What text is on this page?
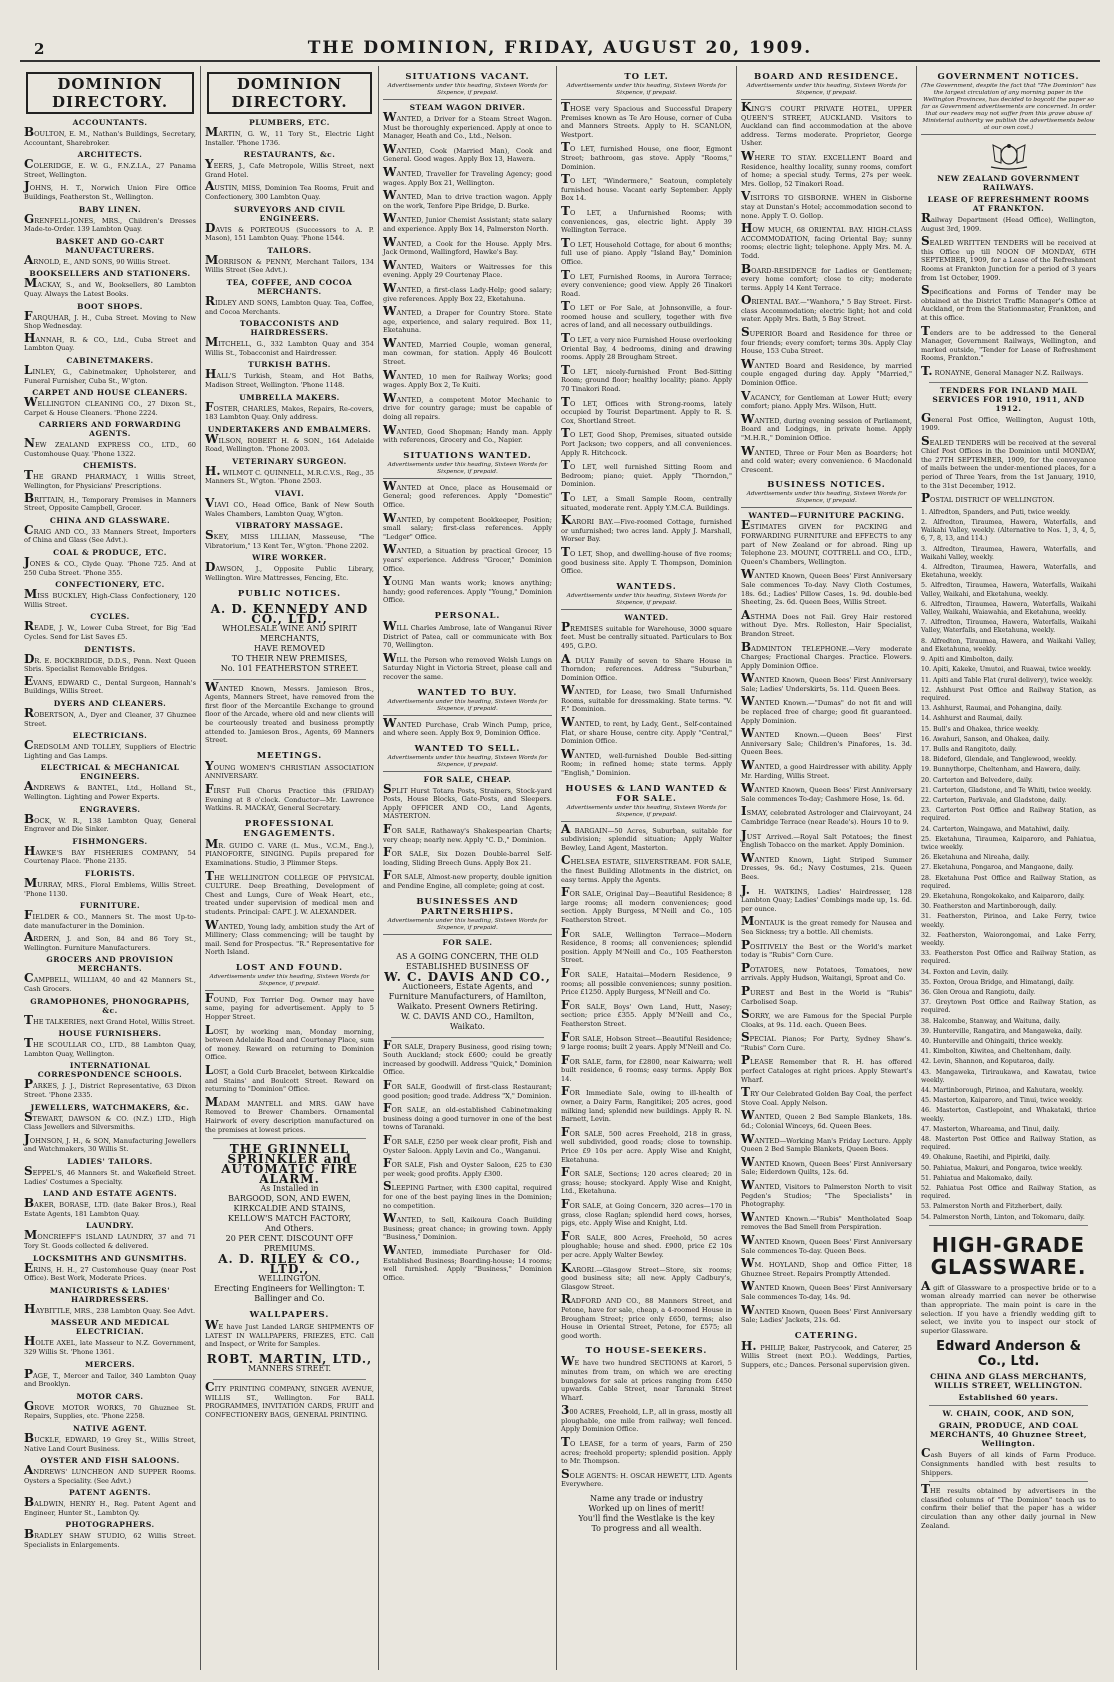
2	THE DOMINION, FRIDAY, AUGUST 20, 1909.
DOMINION DIRECTORY.
ACCOUNTANTS.

BOULTON, E. M., Nathan's Buildings, Secretary, Accountant, Sharebroker.

ARCHITECTS.

COLERIDGE, E. W. G., F.N.Z.I.A., 27 Panama Street, Wellington.

JOHNS, H. T., Norwich Union Fire Office Buildings, Featherston St., Wellington.

BABY LINEN.

GRENFELL-JONES, MRS., Children's Dresses Made-to-Order. 139 Lambton Quay.

BASKET AND GO-CART MANUFACTURERS.

ARNOLD, E., AND SONS, 90 Willis Street.

BOOKSELLERS AND STATIONERS.

MACKAY, S., and W., Booksellers, 80 Lambton Quay. Always the Latest Books.

BOOT SHOPS.

FARQUHAR, J. H., Cuba Street. Moving to New Shop Wednesday.

HANNAH, R. & CO., Ltd., Cuba Street and Lambton Quay.

CABINETMAKERS.

LINLEY, G., Cabinetmaker, Upholsterer, and Funeral Furnisher, Cuba St., W'gton.

CARPET AND HOUSE CLEANERS.

WELLINGTON CLEANING CO., 27 Dixon St., Carpet & House Cleaners. 'Phone 2224.

CARRIERS AND FORWARDING AGENTS.

NEW ZEALAND EXPRESS CO., LTD., 60 Customhouse Quay. 'Phone 1322.

CHEMISTS.

THE GRAND PHARMACY, 1 Willis Street, Wellington, for Physicians' Prescriptions.

BRITTAIN, H., Temporary Premises in Manners Street, Opposite Campbell, Grocer.

CHINA AND GLASSWARE.

CRAIG AND CO., 33 Manners Street, Importers of China and Glass (See Advt.).

COAL & PRODUCE, ETC.

JONES & CO., Clyde Quay. 'Phone 725. And at 250 Cuba Street. 'Phone 355.

CONFECTIONERY, ETC.

MISS BUCKLEY, High-Class Confectionery, 120 Willis Street.

CYCLES.

READE, J. W., Lower Cuba Street, for Big 'Ead Cycles. Send for List Saves £5.

DENTISTS.

DR. E. BOCKBRIDGE, D.D.S., Penn. Next Queen Sbris. Specialist Removable Bridges.

EVANS, EDWARD C., Dental Surgeon, Hannah's Buildings, Willis Street.

DYERS AND CLEANERS.

ROBERTSON, A., Dyer and Cleaner, 37 Ghuznee Street.

ELECTRICIANS.

CREDSOLM AND TOLLEY, Suppliers of Electric Lighting and Gas Lamps.

ELECTRICAL & MECHANICAL ENGINEERS.

ANDREWS & BANTEL, Ltd., Holland St., Wellington. Lighting and Power Experts.

ENGRAVERS.

BOCK, W. R., 138 Lambton Quay, General Engraver and Die Sinker.

FISHMONGERS.

HAWKE'S BAY FISHERIES COMPANY, 54 Courtenay Place. 'Phone 2135.

FLORISTS.

MURRAY, MRS., Floral Emblems, Willis Street. 'Phone 1130.

FURNITURE.

FIELDER & CO., Manners St. The most Up-to-date manufacturer in the Dominion.

ARDERN, J. and Son, 84 and 86 Tory St., Wellington. Furniture Manufacturers.

GROCERS AND PROVISION MERCHANTS.

CAMPBELL, WILLIAM, 40 and 42 Manners St., Cash Grocers.

GRAMOPHONES, PHONOGRAPHS, &c.

THE TALKERIES, next Grand Hotel, Willis Street.

HOUSE FURNISHERS.

THE SCOULLAR CO., LTD., 88 Lambton Quay, Lambton Quay, Wellington.

INTERNATIONAL CORRESPONDENCE SCHOOLS.

PARKES, J. J., District Representative, 63 Dixon Street. 'Phone 2335.

JEWELLERS, WATCHMAKERS, &c.

STEWART, DAWSON & CO. (N.Z.) LTD., High Class Jewellers and Silversmiths.

JOHNSON, J. H., & SON, Manufacturing Jewellers and Watchmakers, 30 Willis St.

LADIES' TAILORS.

SEPPEL'S, 46 Manners St. and Wakefield Street. Ladies' Costumes a Specialty.

LAND AND ESTATE AGENTS.

BAKER, BORASE, LTD. (late Baker Bros.), Real Estate Agents, 181 Lambton Quay.

LAUNDRY.

MONCRIEFF'S ISLAND LAUNDRY, 37 and 71 Tory St. Goods collected & delivered.

LOCKSMITHS AND GUNSMITHS.

ERINS, H. H., 27 Customhouse Quay (near Post Office). Best Work, Moderate Prices.

MANICURISTS & LADIES' HAIRDRESSERS.

HAYBITTLE, MRS., 238 Lambton Quay. See Advt.

MASSEUR AND MEDICAL ELECTRICIAN.

HOLTE AXEL, late Masseur to N.Z. Government, 329 Willis St. 'Phone 1361.

MERCERS.

PAGE, T., Mercer and Tailor, 340 Lambton Quay and Brooklyn.

MOTOR CARS.

GROVE MOTOR WORKS, 70 Ghuznee St. Repairs, Supplies, etc. 'Phone 2258.

NATIVE AGENT.

BUCKLE, EDWARD, 19 Grey St., Willis Street, Native Land Court Business.

OYSTER AND FISH SALOONS.

ANDREWS' LUNCHEON AND SUPPER Rooms. Oysters a Speciality. (See Advt.)

PATENT AGENTS.

BALDWIN, HENRY H., Reg. Patent Agent and Engineer, Hunter St., Lambton Qy.

PHOTOGRAPHERS.

BRADLEY SHAW STUDIO, 62 Willis Street. Specialists in Enlargements.

DOMINION DIRECTORY.
PLUMBERS, ETC.

MARTIN, G. W., 11 Tory St., Electric Light Installer. 'Phone 1736.

RESTAURANTS, &c.

YEERS, J., Cafe Metropole, Willis Street, next Grand Hotel.

AUSTIN, MISS, Dominion Tea Rooms, Fruit and Confectionery, 300 Lambton Quay.

SURVEYORS AND CIVIL ENGINEERS.

DAVIS & PORTEOUS (Successors to A. P. Mason), 151 Lambton Quay. 'Phone 1544.

TAILORS.

MORRISON & PENNY, Merchant Tailors, 134 Willis Street (See Advt.).

TEA, COFFEE, AND COCOA MERCHANTS.

RIDLEY AND SONS, Lambton Quay. Tea, Coffee, and Cocoa Merchants.

TOBACCONISTS AND HAIRDRESSERS.

MITCHELL, G., 332 Lambton Quay and 354 Willis St., Tobacconist and Hairdresser.

TURKISH BATHS.

HALL'S Turkish, Steam, and Hot Baths, Madison Street, Wellington. 'Phone 1148.

UMBRELLA MAKERS.

FOSTER, CHARLES, Makes, Repairs, Re-covers, 183 Lambton Quay. Only address.

UNDERTAKERS AND EMBALMERS.

WILSON, ROBERT H. & SON., 164 Adelaide Road, Wellington. 'Phone 2003.

VETERINARY SURGEON.

H. WILMOT C. QUINNELL, M.R.C.V.S., Reg., 35 Manners St., W'gton. 'Phone 2503.

VIAVI.

VIAVI CO., Head Office, Bank of New South Wales Chambers, Lambton Quay, W'gton.

VIBRATORY MASSAGE.

SKEY, MISS LILLIAN, Masseuse, "The Vibratorium," 13 Kent Ter., W'gton. 'Phone 2202.

WIRE WORKER.

DAWSON, J., Opposite Public Library, Wellington. Wire Mattresses, Fencing, Etc.

PUBLIC NOTICES.
A. D. KENNEDY AND CO., LTD.,
WHOLESALE WINE AND SPIRIT MERCHANTS,
HAVE REMOVED
TO THEIR NEW PREMISES,
No. 101 FEATHERSTON STREET.

WANTED Known, Messrs. Jamieson Bros., Agents, Manners Street, have removed from the first floor of the Mercantile Exchange to ground floor of the Arcade, where old and new clients will be courteously treated and business promptly attended to. Jamieson Bros., Agents, 69 Manners Street.

MEETINGS.

YOUNG WOMEN'S CHRISTIAN ASSOCIATION ANNIVERSARY.

FIRST Full Chorus Practice this (FRIDAY) Evening at 8 o'clock. Conductor—Mr. Lawrence Watkins. R. MACKAY, General Secretary.

PROFESSIONAL ENGAGEMENTS.

MR. GUIDO C. VARE (L. Mus., V.C.M., Eng.), PIANOFORTE, SINGING. Pupils prepared for Examinations. Studio, 3 Plimmer Steps.

THE WELLINGTON COLLEGE OF PHYSICAL CULTURE. Deep Breathing, Development of Chest and Lungs, Cure of Weak Heart, etc., treated under supervision of medical men and students. Principal: CAPT. J. W. ALEXANDER.

WANTED, Young lady, ambition study the Art of Millinery; Class commencing; will be taught by mail. Send for Prospectus. "R." Representative for North Island.

LOST AND FOUND.
Advertisements under this heading, Sixteen Words for Sixpence, if prepaid.

FOUND, Fox Terrier Dog. Owner may have same, paying for advertisement. Apply to 5 Hopper Street.

LOST, by working man, Monday morning, between Adelaide Road and Courtenay Place, sum of money. Reward on returning to Dominion Office.

LOST, a Gold Curb Bracelet, between Kirkcaldie and Stains' and Boulcott Street. Reward on returning to "Dominion" Office.

MADAM MANTELL and MRS. GAW have Removed to Brewer Chambers. Ornamental Hairwork of every description manufactured on the premises at lowest prices.

THE GRINNELL SPRINKLER and AUTOMATIC FIRE ALARM.
As Installed in
BARGOOD, SON, AND EWEN,
KIRKCALDIE AND STAINS,
KELLOW'S MATCH FACTORY,
And Others.
20 PER CENT. DISCOUNT OFF PREMIUMS.
A. D. RILEY & CO., LTD.,
WELLINGTON.
Erecting Engineers for Wellington: T. Ballinger and Co.
WALLPAPERS.

WE have Just Landed LARGE SHIPMENTS OF LATEST IN WALLPAPERS, FRIEZES, ETC. Call and Inspect, or Write for Samples.

ROBT. MARTIN, LTD.,
MANNERS STREET.

CITY PRINTING COMPANY, SINGER AVENUE, WILLIS ST., Wellington. For BALL PROGRAMMES, INVITATION CARDS, FRUIT and CONFECTIONERY BAGS, GENERAL PRINTING.

SITUATIONS VACANT.
Advertisements under this heading, Sixteen Words for Sixpence, if prepaid.
STEAM WAGON DRIVER.

WANTED, a Driver for a Steam Street Wagon. Must be thoroughly experienced. Apply at once to Manager, Heath and Co., Ltd., Nelson.

WANTED, Cook (Married Man), Cook and General. Good wages. Apply Box 13, Hawera.

WANTED, Traveller for Traveling Agency; good wages. Apply Box 21, Wellington.

WANTED, Man to drive traction wagon. Apply on the work, Tenfore Pipe Bridge, D. Burke.

WANTED, Junior Chemist Assistant; state salary and experience. Apply Box 14, Palmerston North.

WANTED, a Cook for the House. Apply Mrs. Jack Ormond, Wallingford, Hawke's Bay.

WANTED, Waiters or Waitresses for this evening. Apply 29 Courtenay Place.

WANTED, a first-class Lady-Help; good salary; give references. Apply Box 22, Eketahuna.

WANTED, a Draper for Country Store. State age, experience, and salary required. Box 11, Eketahuna.

WANTED, Married Couple, woman general, man cowman, for station. Apply 46 Boulcott Street.

WANTED, 10 men for Railway Works; good wages. Apply Box 2, Te Kuiti.

WANTED, a competent Motor Mechanic to drive for country garage; must be capable of doing all repairs.

WANTED, Good Shopman; Handy man. Apply with references, Grocery and Co., Napier.

SITUATIONS WANTED.
Advertisements under this heading, Sixteen Words for Sixpence, if prepaid.

WANTED at Once, place as Housemaid or General; good references. Apply "Domestic" Office.

WANTED, by competent Bookkeeper, Position; small salary; first-class references. Apply "Ledger" Office.

WANTED, a Situation by practical Grocer, 15 years' experience. Address "Grocer," Dominion Office.

YOUNG Man wants work; knows anything; handy; good references. Apply "Young," Dominion Office.

PERSONAL.

WILL Charles Ambrose, late of Wanganui River District of Patea, call or communicate with Box 70, Wellington.

WILL the Person who removed Welsh Lungs on Saturday Night in Victoria Street, please call and recover the same.

WANTED TO BUY.
Advertisements under this heading, Sixteen Words for Sixpence, if prepaid.

WANTED Purchase, Crab Winch Pump, price, and where seen. Apply Box 9, Dominion Office.

WANTED TO SELL.
Advertisements under this heading, Sixteen Words for Sixpence, if prepaid.
FOR SALE, CHEAP.

SPLIT Hurst Totara Posts, Strainers, Stock-yard Posts, House Blocks, Gate-Posts, and Sleepers. Apply OFFICER AND CO., Land Agents, MASTERTON.

FOR SALE, Rathaway's Shakespearian Charts; very cheap; nearly new. Apply "C. D.," Dominion.

FOR SALE, Six Dozen Double-barrel Self-loading, Sliding Breech Guns. Apply Box 21.

FOR SALE, Almost-new property, double ignition and Pendine Engine, all complete; going at cost.

BUSINESSES AND PARTNERSHIPS.
Advertisements under this heading, Sixteen Words for Sixpence, if prepaid.
FOR SALE.
AS A GOING CONCERN, THE OLD ESTABLISHED BUSINESS OF
W. C. DAVIS AND CO.,
Auctioneers, Estate Agents, and Furniture Manufacturers, of Hamilton, Waikato. Present Owners Retiring.
W. C. DAVIS AND CO., Hamilton, Waikato.

FOR SALE, Drapery Business, good rising town; South Auckland; stock £600; could be greatly increased by goodwill. Address "Quick," Dominion Office.

FOR SALE, Goodwill of first-class Restaurant; good position; good trade. Address "X," Dominion.

FOR SALE, an old-established Cabinetmaking business doing a good turnover in one of the best towns of Taranaki.

FOR SALE, £250 per week clear profit, Fish and Oyster Saloon. Apply Levin and Co., Wanganui.

FOR SALE, Fish and Oyster Saloon, £25 to £30 per week; good profits. Apply £300.

SLEEPING Partner, with £300 capital, required for one of the best paying lines in the Dominion; no competition.

WANTED, to Sell, Kaikoura Coach Building Business; great chance; in growing town. Apply "Business," Dominion.

WANTED, immediate Purchaser for Old-Established Business; Boarding-house; 14 rooms; well furnished. Apply "Business," Dominion Office.

TO LET.
Advertisements under this heading, Sixteen Words for Sixpence, if prepaid.

THOSE very Spacious and Successful Drapery Premises known as Te Aro House, corner of Cuba and Manners Streets. Apply to H. SCANLON, Westport.

TO LET, furnished House, one floor, Egmont Street; bathroom, gas stove. Apply "Rooms," Dominion.

TO LET, "Windermere," Seatoun, completely furnished house. Vacant early September. Apply Box 14.

TO LET, a Unfurnished Rooms; with conveniences, gas, electric light. Apply 39 Wellington Terrace.

TO LET, Household Cottage, for about 6 months; full use of piano. Apply "Island Bay," Dominion Office.

TO LET, Furnished Rooms, in Aurora Terrace; every convenience; good view. Apply 26 Tinakori Road.

TO LET or For Sale, at Johnsonville, a four-roomed house and scullery, together with five acres of land, and all necessary outbuildings.

TO LET, a very nice Furnished House overlooking Oriental Bay, 4 bedrooms, dining and drawing rooms. Apply 28 Brougham Street.

TO LET, nicely-furnished Front Bed-Sitting Room; ground floor; healthy locality; piano. Apply 70 Tinakori Road.

TO LET, Offices with Strong-rooms, lately occupied by Tourist Department. Apply to R. S. Cox, Shortland Street.

TO LET, Good Shop, Premises, situated outside Port Jackson; two coppers, and all conveniences. Apply R. Hitchcock.

TO LET, well furnished Sitting Room and Bedroom; piano; quiet. Apply "Thorndon," Dominion.

TO LET, a Small Sample Room, centrally situated, moderate rent. Apply Y.M.C.A. Buildings.

KARORI BAY.—Five-roomed Cottage, furnished or unfurnished; two acres land. Apply J. Marshall, Worser Bay.

TO LET, Shop, and dwelling-house of five rooms; good business site. Apply T. Thompson, Dominion Office.

WANTEDS.
Advertisements under this heading, Sixteen Words for Sixpence, if prepaid.
WANTED.

PREMISES suitable for Warehouse, 3000 square feet. Must be centrally situated. Particulars to Box 495, G.P.O.

A DULY Family of seven to Share House in Thorndon; references. Address "Suburban," Dominion Office.

WANTED, for Lease, two Small Unfurnished Rooms, suitable for dressmaking. State terms. "V. F." Dominion.

WANTED, to rent, by Lady, Gent., Self-contained Flat, or share House, centre city. Apply "Central," Dominion Office.

WANTED, well-furnished Double Bed-sitting Room; in refined home; state terms. Apply "English," Dominion.

HOUSES & LAND WANTED & FOR SALE.
Advertisements under this heading, Sixteen Words for Sixpence, if prepaid.

A BARGAIN—50 Acres, Suburban, suitable for subdivision; splendid situation; Apply Walter Bewley, Land Agent, Masterton.

CHELSEA ESTATE, SILVERSTREAM. FOR SALE, the finest Building Allotments in the district, on easy terms. Apply the Agents.

FOR SALE, Original Day—Beautiful Residence; 8 large rooms; all modern conveniences; good section. Apply Burgess, M'Neill and Co., 105 Featherston Street.

FOR SALE, Wellington Terrace—Modern Residence, 8 rooms; all conveniences; splendid position. Apply M'Neill and Co., 105 Featherston Street.

FOR SALE, Hataitai—Modern Residence, 9 rooms; all possible conveniences; sunny position. Price £1250. Apply Burgess, M'Neill and Co.

FOR SALE, Boys' Own Land, Hutt, Nasey; section; price £355. Apply M'Neill and Co., Featherston Street.

FOR SALE, Hobson Street—Beautiful Residence; 9 large rooms; built 2 years. Apply M'Neill and Co.

FOR SALE, farm, for £2800, near Kaiwarra; well built residence, 6 rooms; easy terms. Apply Box 14.

FOR Immediate Sale, owing to ill-health of owner, a Dairy Farm, Rangitikei; 205 acres, good milking land; splendid new buildings. Apply R. N. Barnett, Levin.

FOR SALE, 500 acres Freehold, 218 in grass, well subdivided, good roads; close to township. Price £9 10s per acre. Apply Wise and Knight, Eketahuna.

FOR SALE, Sections; 120 acres cleared; 20 in grass; house; stockyard. Apply Wise and Knight, Ltd., Eketahuna.

FOR SALE, at Going Concern, 320 acres—170 in grass, close Raglan; splendid herd cows, horses, pigs, etc. Apply Wise and Knight, Ltd.

FOR SALE, 800 Acres, Freehold, 50 acres ploughable; house and shed. £900, price £2 10s per acre. Apply Walter Bewley.

KARORI.—Glasgow Street—Store, six rooms; good business site; all new. Apply Cadbury's, Glasgow Street.

RADFORD AND CO., 88 Manners Street, and Petone, have for sale, cheap, a 4-roomed House in Brougham Street; price only £650, terms; also House in Oriental Street, Petone, for £575; all good worth.

TO HOUSE-SEEKERS.

WE have two hundred SECTIONS at Karori, 5 minutes from tram, on which we are erecting bungalows for sale at prices ranging from £450 upwards. Cable Street, near Taranaki Street Wharf.

300 ACRES, Freehold, L.P., all in grass, mostly all ploughable, one mile from railway; well fenced. Apply Dominion Office.

TO LEASE, for a term of years, Farm of 250 acres; freehold property; splendid position. Apply to Mr. Thompson.

SOLE AGENTS: H. OSCAR HEWETT, LTD. Agents Everywhere.

Name any trade or industry
Worked up on lines of merit!
You'll find the Westlake is the key
To progress and all wealth.
BOARD AND RESIDENCE.
Advertisements under this heading, Sixteen Words for Sixpence, if prepaid.

KING'S COURT PRIVATE HOTEL, UPPER QUEEN'S STREET, AUCKLAND. Visitors to Auckland can find accommodation at the above address. Terms moderate. Proprietor, George Usher.

WHERE TO STAY. EXCELLENT Board and Residence, healthy locality, sunny rooms, comfort of home; a special study. Terms, 27s per week. Mrs. Gollop, 52 Tinakori Road.

VISITORS TO GISBORNE. WHEN in Gisborne stay at Dunstan's Hotel; accommodation second to none. Apply T. O. Gollop.

HOW MUCH, 68 ORIENTAL BAY. HIGH-CLASS ACCOMMODATION, facing Oriental Bay; sunny rooms; electric light; telephone. Apply Mrs. M. A. Todd.

BOARD-RESIDENCE for Ladies or Gentlemen; every home comfort; close to city; moderate terms. Apply 14 Kent Terrace.

ORIENTAL BAY.—"Wanhora," 5 Bay Street. First-class Accommodation; electric light; hot and cold water. Apply Mrs. Bath, 5 Bay Street.

SUPERIOR Board and Residence for three or four friends; every comfort; terms 30s. Apply Clay House, 153 Cuba Street.

WANTED Board and Residence, by married couple engaged during day. Apply "Married," Dominion Office.

VACANCY, for Gentleman at Lower Hutt; every comfort; piano. Apply Mrs. Wilson, Hutt.

WANTED, during evening session of Parliament, Board and Lodgings, in private home. Apply "M.H.R.," Dominion Office.

WANTED, Three or Four Men as Boarders; hot and cold water; every convenience. 6 Macdonald Crescent.

BUSINESS NOTICES.
Advertisements under this heading, Sixteen Words for Sixpence, if prepaid.
WANTED—FURNITURE PACKING.

ESTIMATES GIVEN for PACKING and FORWARDING FURNITURE and EFFECTS to any part of New Zealand or for abroad. Ring up Telephone 23. MOUNT, COTTRELL and CO., LTD., Queen's Chambers, Wellington.

WANTED Known, Queen Bees' First Anniversary Sale commences To-day. Navy Cloth Costumes, 18s. 6d.; Ladies' Pillow Cases, 1s. 9d. double-bed Sheeting, 2s. 6d. Queen Bees, Willis Street.

ASTHMA Does not Fail. Grey Hair restored without Dye. Mrs. Rolleston, Hair Specialist, Brandon Street.

BADMINTON TELEPHONE.—Very moderate Charges; Fractional Charges. Practice. Flowers. Apply Dominion Office.

WANTED Known, Queen Bees' First Anniversary Sale; Ladies' Underskirts, 5s. 11d. Queen Bees.

WANTED Known.—"Dumas" do not fit and will be replaced free of charge; good fit guaranteed. Apply Dominion.

WANTED Known.—Queen Bees' First Anniversary Sale; Children's Pinafores, 1s. 3d. Queen Bees.

WANTED, a good Hairdresser with ability. Apply Mr. Harding, Willis Street.

WANTED Known, Queen Bees' First Anniversary Sale commences To-day; Cashmere Hose, 1s. 6d.

ISMAY, celebrated Astrologer and Clairvoyant, 24 Cambridge Terrace (near Reade's). Hours 10 to 9.

JUST Arrived.—Royal Salt Potatoes; the finest English Tobacco on the market. Apply Dominion.

WANTED Known, Light Striped Summer Dresses, 9s. 6d.; Navy Costumes, 21s. Queen Bees.

J. H. WATKINS, Ladies' Hairdresser, 128 Lambton Quay; Ladies' Combings made up, 1s. 6d. per ounce.

MONTAUK is the great remedy for Nausea and Sea Sickness; try a bottle. All chemists.

POSITIVELY the Best or the World's market today is "Rubis" Corn Cure.

POTATOES, new Potatoes, Tomatoes, new arrivals. Apply Hudson, Waitangi, Sproat and Co.

PUREST and Best in the World is "Rubis" Carbolised Soap.

SORRY, we are Famous for the Special Purple Cloaks, at 9s. 11d. each. Queen Bees.

SPECIAL Pianos; For Party, Sydney Shaw's. "Rubis" Corn Cure.

PLEASE Remember that R. H. has offered perfect Cataloges at right prices. Apply Stewart's Wharf.

TRY Our Celebrated Golden Bay Coal, the perfect Stove Coal. Apply Nelson.

WANTED, Queen 2 Bed Sample Blankets, 18s. 6d.; Colonial Winceys, 6d. Queen Bees.

WANTED—Working Man's Friday Lecture. Apply Queen 2 Bed Sample Blankets, Queen Bees.

WANTED Known, Queen Bees' First Anniversary Sale; Eiderdown Quilts, 12s. 6d.

WANTED, Visitors to Palmerston North to visit Pegden's Studios; "The Specialists" in Photography.

WANTED Known.—"Rubis" Mentholated Soap removes the Bad Smell from Perspiration.

WANTED Known, Queen Bees' First Anniversary Sale commences To-day. Queen Bees.

WM. HOYLAND, Shop and Office Fitter, 18 Ghuznee Street. Repairs Promptly Attended.

WANTED Known, Queen Bees' First Anniversary Sale commences To-day, 14s. 9d.

WANTED Known, Queen Bees' First Anniversary Sale; Ladies' Jackets, 21s. 6d.

CATERING.

H. PHILIP, Baker, Pastrycook, and Caterer, 25 Willis Street (next P.O.). Weddings, Parties, Suppers, etc.; Dances. Personal supervision given.

GOVERNMENT NOTICES.
(The Government, despite the fact that "The Dominion" has the largest circulation of any morning paper in the Wellington Provinces, has decided to boycott the paper so far as Government advertisements are concerned. In order that our readers may not suffer from this grave abuse of Ministerial authority we publish the advertisements below at our own cost.)
NEW ZEALAND GOVERNMENT RAILWAYS.
LEASE OF REFRESHMENT ROOMS AT FRANKTON.

Railway Department (Head Office), Wellington, August 3rd, 1909.

SEALED WRITTEN TENDERS will be received at this Office up till NOON OF MONDAY, 6TH SEPTEMBER, 1909, for a Lease of the Refreshment Rooms at Frankton Junction for a period of 3 years from 1st October, 1909.

Specifications and Forms of Tender may be obtained at the District Traffic Manager's Office at Auckland, or from the Stationmaster, Frankton, and at this office.

Tenders are to be addressed to the General Manager, Government Railways, Wellington, and marked outside, "Tender for Lease of Refreshment Rooms, Frankton."

T. RONAYNE, General Manager N.Z. Railways.

TENDERS FOR INLAND MAIL SERVICES FOR 1910, 1911, AND 1912.

General Post Office, Wellington, August 10th, 1909.

SEALED TENDERS will be received at the several Chief Post Offices in the Dominion until MONDAY, the 27TH SEPTEMBER, 1909, for the conveyance of mails between the under-mentioned places, for a period of Three Years, from the 1st January, 1910, to the 31st December, 1912.

POSTAL DISTRICT OF WELLINGTON.

1. Alfredton, Spanders, and Puti, twice weekly.

2. Alfredton, Tiraumea, Hawera, Waterfalls, and Waikahi Valley, weekly. (Alternative to Nos. 1, 3, 4, 5, 6, 7, 8, 13, and 114.)

3. Alfredton, Tiraumea, Hawera, Waterfalls, and Waikahi Valley, weekly.

4. Alfredton, Tiraumea, Hawera, Waterfalls, and Eketahuna, weekly.

5. Alfredton, Tiraumea, Hawera, Waterfalls, Waikahi Valley, Waikahi, and Eketahuna, weekly.

6. Alfredton, Tiraumea, Hawera, Waterfalls, Waikahi Valley, Waikahi, Waiawahia, and Eketahuna, weekly.

7. Alfredton, Tiraumea, Hawera, Waterfalls, Waikahi Valley, Waterfalls, and Eketahuna, weekly.

8. Alfredton, Tiraumea, Hawera, and Waikahi Valley, and Eketahuna, weekly.

9. Apiti and Kimbolton, daily.

10. Apiti, Kakeke, Umutoi, and Ruawai, twice weekly.

11. Apiti and Table Flat (rural delivery), twice weekly.

12. Ashhurst Post Office and Railway Station, as required.

13. Ashhurst, Raumai, and Pohangina, daily.

14. Ashhurst and Raumai, daily.

15. Bull's and Ohakea, thrice weekly.

16. Awahuri, Sanson, and Ohakea, daily.

17. Bulls and Rangitoto, daily.

18. Bideford, Glendale, and Tanglewood, weekly.

19. Bunnythorpe, Cheltenham, and Hawera, daily.

20. Carterton and Belvedere, daily.

21. Carterton, Gladstone, and Te Whiti, twice weekly.

22. Carterton, Parkvale, and Gladstone, daily.

23. Carterton Post Office and Railway Station, as required.

24. Carterton, Waingawa, and Matahiwi, daily.

25. Eketahuna, Tiraumea, Kaiparoro, and Pahiatua, twice weekly.

26. Eketahuna and Nireaha, daily.

27. Eketahuna, Pongaroa, and Mangaone, daily.

28. Eketahuna Post Office and Railway Station, as required.

29. Eketahuna, Rongokokako, and Kaiparoro, daily.

30. Featherston and Martinborough, daily.

31. Featherston, Pirinoa, and Lake Ferry, twice weekly.

32. Featherston, Waiorongomai, and Lake Ferry, weekly.

33. Featherston Post Office and Railway Station, as required.

34. Foxton and Levin, daily.

35. Foxton, Oroua Bridge, and Himatangi, daily.

36. Glen Oroua and Rangiotu, daily.

37. Greytown Post Office and Railway Station, as required.

38. Halcombe, Stanway, and Waituna, daily.

39. Hunterville, Rangatira, and Mangaweka, daily.

40. Hunterville and Ohingaiti, thrice weekly.

41. Kimbolton, Kiwitea, and Cheltenham, daily.

42. Levin, Shannon, and Koputaroa, daily.

43. Mangaweka, Tiriraukawa, and Kawatau, twice weekly.

44. Martinborough, Pirinoa, and Kahutara, weekly.

45. Masterton, Kaiparoro, and Tinui, twice weekly.

46. Masterton, Castlepoint, and Whakataki, thrice weekly.

47. Masterton, Whareama, and Tinui, daily.

48. Masterton Post Office and Railway Station, as required.

49. Ohakune, Raetihi, and Pipiriki, daily.

50. Pahiatua, Makuri, and Pongaroa, twice weekly.

51. Pahiatua and Makomako, daily.

52. Pahiatua Post Office and Railway Station, as required.

53. Palmerston North and Fitzherbert, daily.

54. Palmerston North, Linton, and Tokomaru, daily.

HIGH-GRADE GLASSWARE.

A gift of Glassware to a prospective bride or to a woman already married can never be otherwise than appropriate. The main point is care in the selection. If you have a friendly wedding gift to select, we invite you to inspect our stock of superior Glassware.

Edward Anderson & Co., Ltd.
CHINA AND GLASS MERCHANTS, WILLIS STREET, WELLINGTON.
Established 60 years.
W. CHAIN, COOK, AND SON,
GRAIN, PRODUCE, AND COAL MERCHANTS, 40 Ghuznee Street, Wellington.

Cash Buyers of all kinds of Farm Produce. Consignments handled with best results to Shippers.

THE results obtained by advertisers in the classified columns of "The Dominion" teach us to confirm their belief that the paper has a wider circulation than any other daily journal in New Zealand.
